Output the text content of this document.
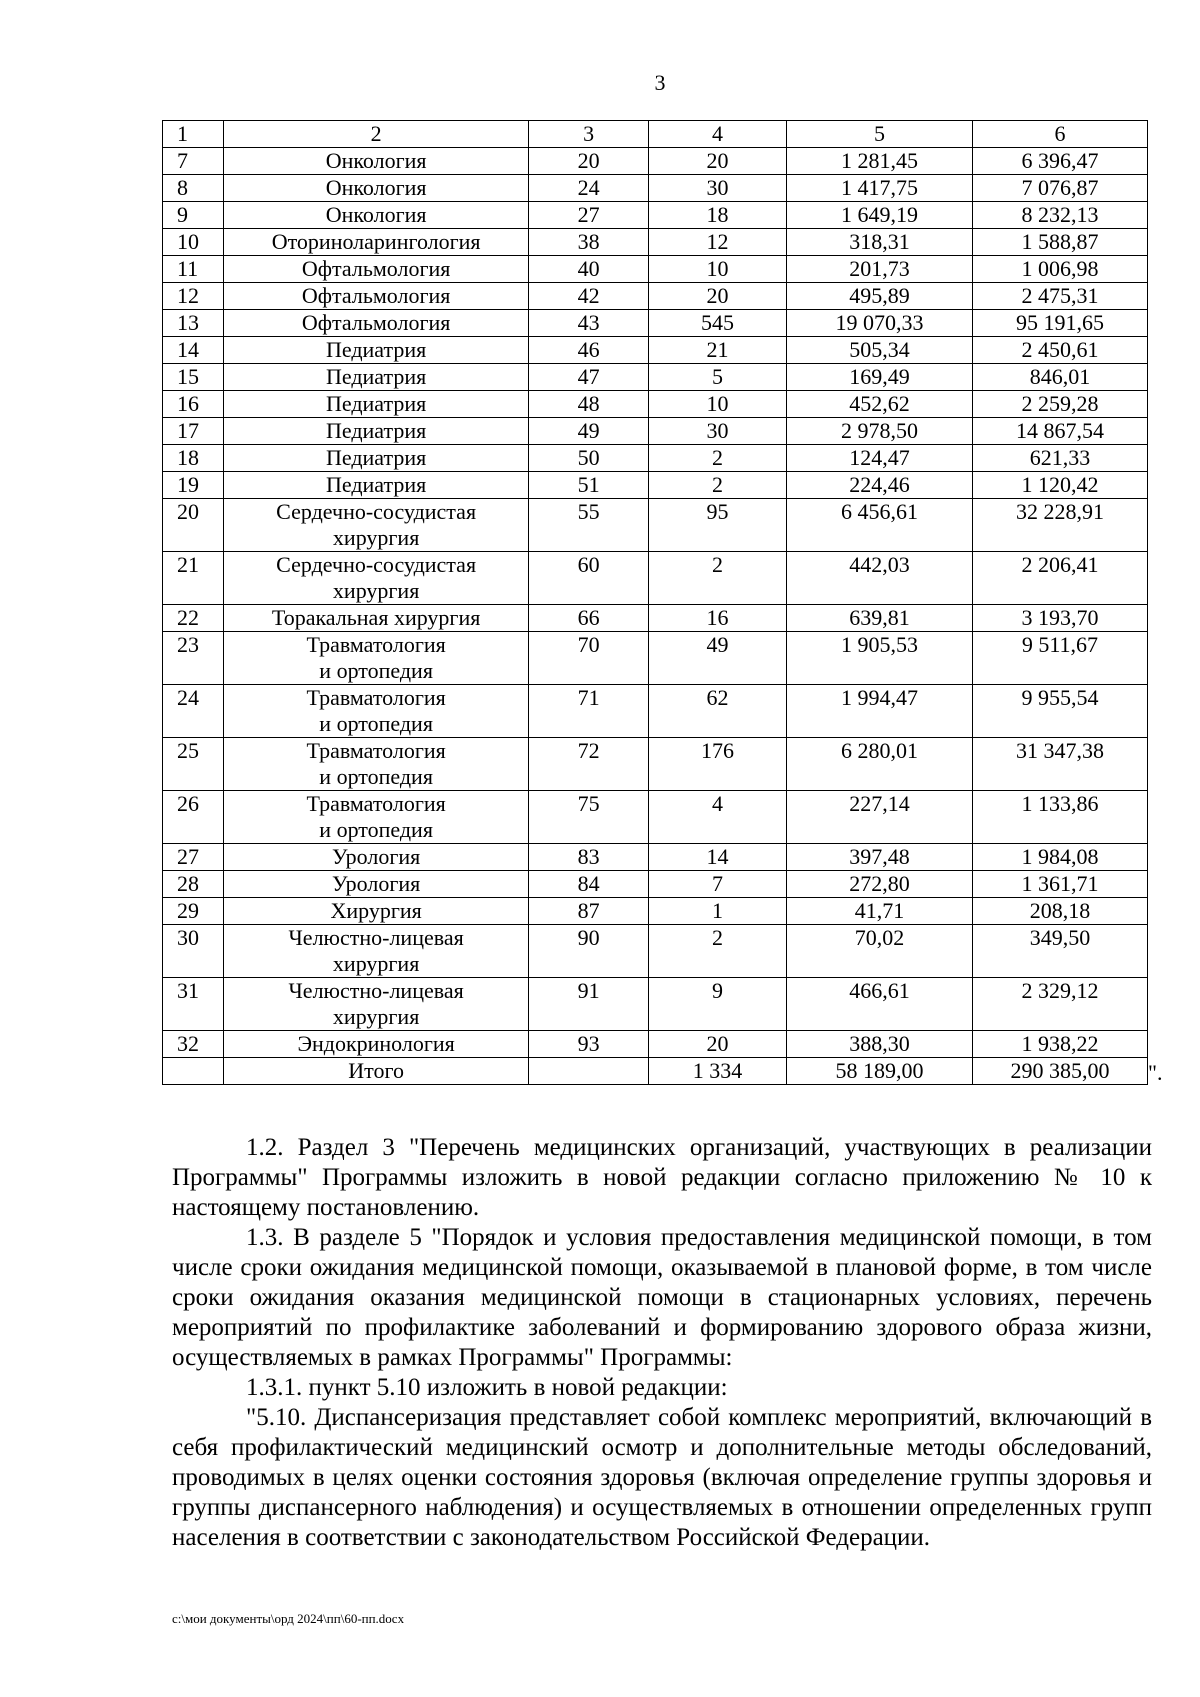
3
1	2	3	4	5	6
7	Онкология	20	20	1 281,45	6 396,47
8	Онкология	24	30	1 417,75	7 076,87
9	Онкология	27	18	1 649,19	8 232,13
10	Оториноларингология	38	12	318,31	1 588,87
11	Офтальмология	40	10	201,73	1 006,98
12	Офтальмология	42	20	495,89	2 475,31
13	Офтальмология	43	545	19 070,33	95 191,65
14	Педиатрия	46	21	505,34	2 450,61
15	Педиатрия	47	5	169,49	846,01
16	Педиатрия	48	10	452,62	2 259,28
17	Педиатрия	49	30	2 978,50	14 867,54
18	Педиатрия	50	2	124,47	621,33
19	Педиатрия	51	2	224,46	1 120,42
20	Сердечно-сосудистая
хирургия	55	95	6 456,61	32 228,91
21	Сердечно-сосудистая
хирургия	60	2	442,03	2 206,41
22	Торакальная хирургия	66	16	639,81	3 193,70
23	Травматология
и ортопедия	70	49	1 905,53	9 511,67
24	Травматология
и ортопедия	71	62	1 994,47	9 955,54
25	Травматология
и ортопедия	72	176	6 280,01	31 347,38
26	Травматология
и ортопедия	75	4	227,14	1 133,86
27	Урология	83	14	397,48	1 984,08
28	Урология	84	7	272,80	1 361,71
29	Хирургия	87	1	41,71	208,18
30	Челюстно-лицевая
хирургия	90	2	70,02	349,50
31	Челюстно-лицевая
хирургия	91	9	466,61	2 329,12
32	Эндокринология	93	20	388,30	1 938,22
	Итого		1 334	58 189,00	290 385,00 ".

1.2. Раздел 3 "Перечень медицинских организаций, участвующих в реализации Программы" Программы изложить в новой редакции согласно приложению № 10 к настоящему постановлению.

1.3. В разделе 5 "Порядок и условия предоставления медицинской помощи, в том числе сроки ожидания медицинской помощи, оказываемой в плановой форме, в том числе сроки ожидания оказания медицинской помощи в стационарных условиях, перечень мероприятий по профилактике заболеваний и формированию здорового образа жизни, осуществляемых в рамках Программы" Программы:

1.3.1. пункт 5.10 изложить в новой редакции:

"5.10. Диспансеризация представляет собой комплекс мероприятий, включающий в себя профилактический медицинский осмотр и дополнительные методы обследований, проводимых в целях оценки состояния здоровья (включая определение группы здоровья и группы диспансерного наблюдения) и осуществляемых в отношении определенных групп населения в соответствии с законодательством Российской Федерации.

c:\мои документы\орд 2024\пп\60-пп.docx
